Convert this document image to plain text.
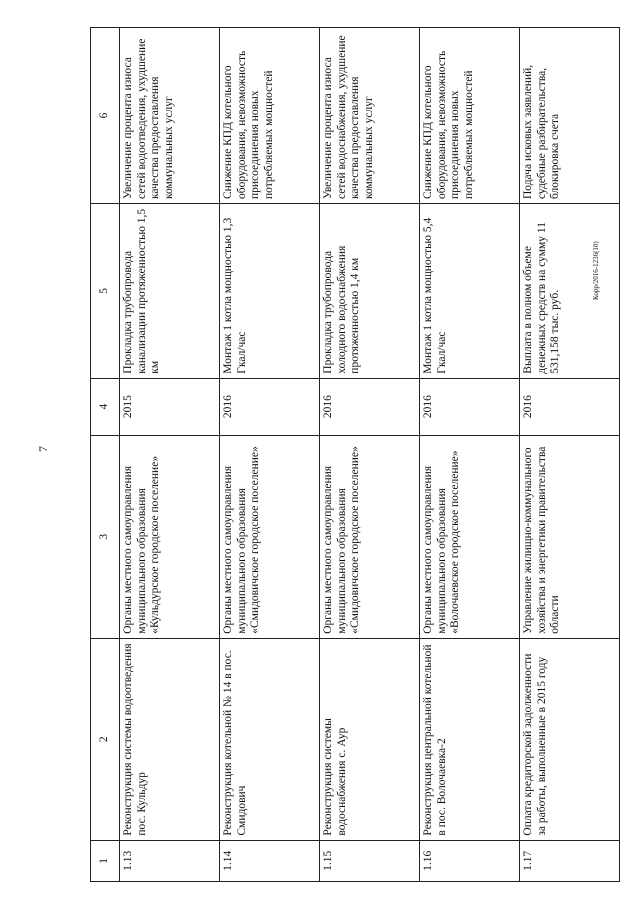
7
Корр/2016-1236(10)
1	2	3	4	5	6
1.13	Реконструкция системы водоотведения пос. Кульдур	Органы местного самоуправления муниципального образования «Кульдурское городское поселение»	2015	Прокладка трубопровода канализации протяженностью 1,5 км	Увеличение процента износа сетей водоотведения, ухудшение качества предоставления коммунальных услуг
1.14	Реконструкция котельной № 14 в пос. Смидович	Органы местного самоуправления муниципального образования «Смидовичское городское поселение»	2016	Монтаж 1 котла мощностью 1,3 Гкал/час	Снижение КПД котельного оборудования, невозможность присоединения новых потребляемых мощностей
1.15	Реконструкция системы водоснабжения с. Аур	Органы местного самоуправления муниципального образования «Смидовичское городское поселение»	2016	Прокладка трубопровода холодного водоснабжения протяженностью 1,4 км	Увеличение процента износа сетей водоснабжения, ухудшение качества предоставления коммунальных услуг
1.16	Реконструкция центральной котельной в пос. Волочаевка-2	Органы местного самоуправления муниципального образования «Волочаевское городское поселение»	2016	Монтаж 1 котла мощностью 5,4 Гкал/час	Снижение КПД котельного оборудования, невозможность присоединения новых потребляемых мощностей
1.17	Оплата кредиторской задолженности за работы, выполненные в 2015 году	Управление жилищно-коммунального хозяйства и энергетики правительства области	2016	Выплата в полном объеме денежных средств на сумму 11 531,158 тыс. руб.	Подача исковых заявлений, судебные разбирательства, блокировка счета
